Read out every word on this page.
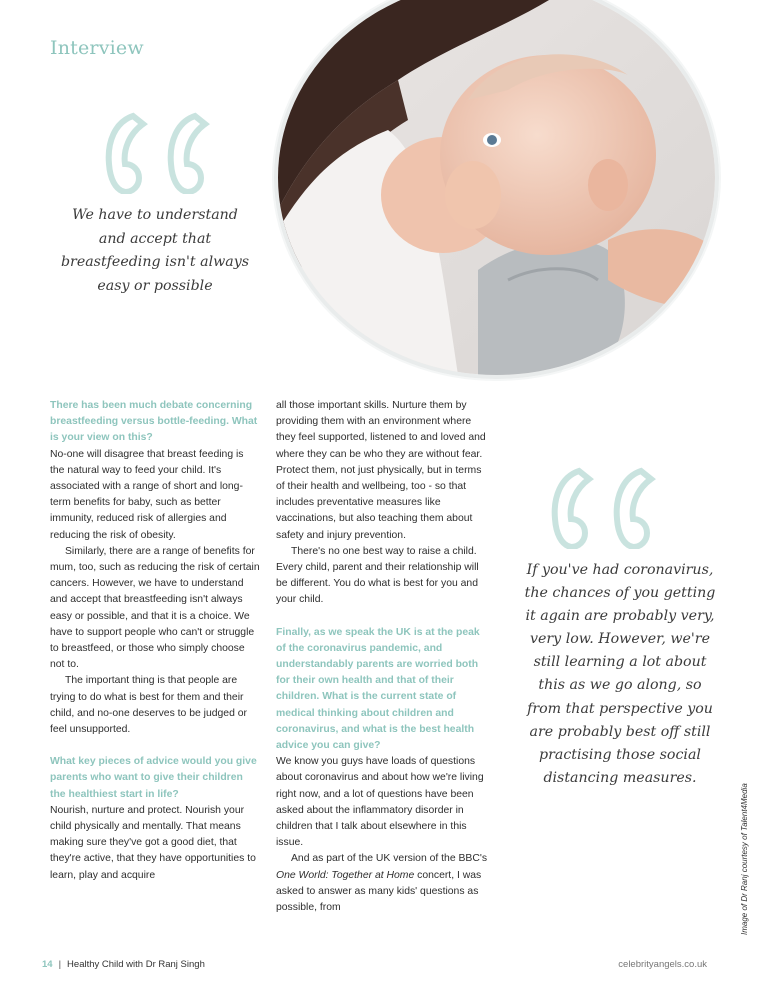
Interview
We have to understand and accept that breastfeeding isn't always easy or possible
If you've had coronavirus, the chances of you getting it again are probably very, very low. However, we're still learning a lot about this as we go along, so from that perspective you are probably best off still practising those social distancing measures.

There has been much debate concerning breastfeeding versus bottle-feeding. What is your view on this?

No-one will disagree that breast feeding is the natural way to feed your child. It's associated with a range of short and long-term benefits for baby, such as better immunity, reduced risk of allergies and reducing the risk of obesity.

Similarly, there are a range of benefits for mum, too, such as reducing the risk of certain cancers. However, we have to understand and accept that breastfeeding isn't always easy or possible, and that it is a choice. We have to support people who can't or struggle to breastfeed, or those who simply choose not to.

The important thing is that people are trying to do what is best for them and their child, and no-one deserves to be judged or feel unsupported.

What key pieces of advice would you give parents who want to give their children the healthiest start in life?

Nourish, nurture and protect. Nourish your child physically and mentally. That means making sure they've got a good diet, that they're active, that they have opportunities to learn, play and acquire

all those important skills. Nurture them by providing them with an environment where they feel supported, listened to and loved and where they can be who they are without fear. Protect them, not just physically, but in terms of their health and wellbeing, too - so that includes preventative measures like vaccinations, but also teaching them about safety and injury prevention.

There's no one best way to raise a child. Every child, parent and their relationship will be different. You do what is best for you and your child.

Finally, as we speak the UK is at the peak of the coronavirus pandemic, and understandably parents are worried both for their own health and that of their children. What is the current state of medical thinking about children and coronavirus, and what is the best health advice you can give?

We know you guys have loads of questions about coronavirus and about how we're living right now, and a lot of questions have been asked about the inflammatory disorder in children that I talk about elsewhere in this issue.

And as part of the UK version of the BBC's One World: Together at Home concert, I was asked to answer as many kids' questions as possible, from	Image of Dr Ranj courtesy of Talent4Media
14 | Healthy Child with Dr Ranj Singh	celebrityangels.co.uk
